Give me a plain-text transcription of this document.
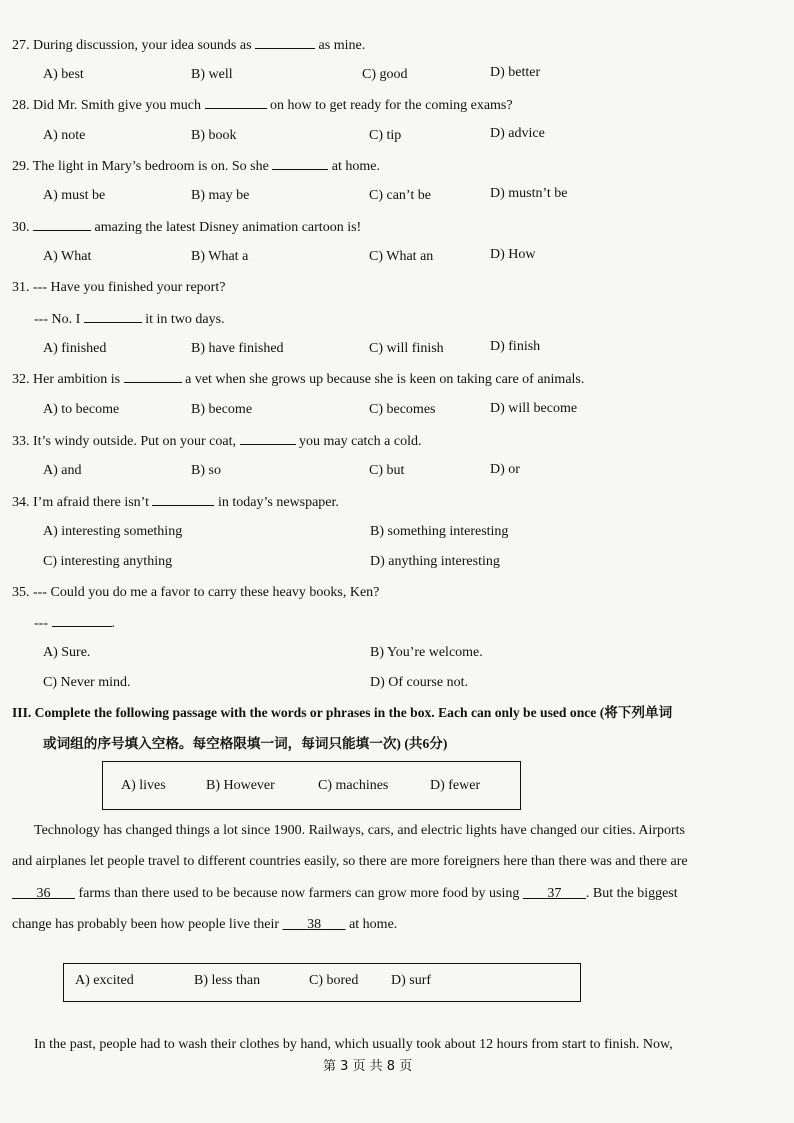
27. During discussion, your idea sounds as	as mine.
A) best	B) well	C) good	D) better
28. Did Mr. Smith give you much	on how to get ready for the coming exams?
A) note	B) book	C) tip	D) advice
29. The light in Mary’s bedroom is on. So she	at home.
A) must be	B) may be	C) can’t be	D) mustn’t be
30.	amazing the latest Disney animation cartoon is!
A) What	B) What a	C) What an	D) How
31. --- Have you finished your report?
--- No. I	it in two days.
A) finished	B) have finished	C) will finish	D) finish
32. Her ambition is	a vet when she grows up because she is keen on taking care of animals.
A) to become	B) become	C) becomes	D) will become
33. It’s windy outside. Put on your coat,	you may catch a cold.
A) and	B) so	C) but	D) or
34. I’m afraid there isn’t	in today’s newspaper.
A) interesting something	B) something interesting
C) interesting anything	D) anything interesting
35. --- Could you do me a favor to carry these heavy books, Ken?
---	.
A) Sure.	B) You’re welcome.
C) Never mind.	D) Of course not.
III. Complete the following passage with the words or phrases in the box. Each can only be used once (将下列单词
或词组的序号填入空格。每空格限填一词，每词只能填一次) (共6分)
A) lives	B) However	C) machines	D) fewer
Technology has changed things a lot since 1900. Railways, cars, and electric lights have changed our cities. Airports
and airplanes let people travel to different countries easily, so there are more foreigners here than there was and there are
36 farms than there used to be because now farmers can grow more food by using 37 . But the biggest
change has probably been how people live their 38 at home.
A) excited	B) less than	C) bored D) surf
In the past, people had to wash their clothes by hand, which usually took about 12 hours from start to finish. Now,
第 3 页 共 8 页
